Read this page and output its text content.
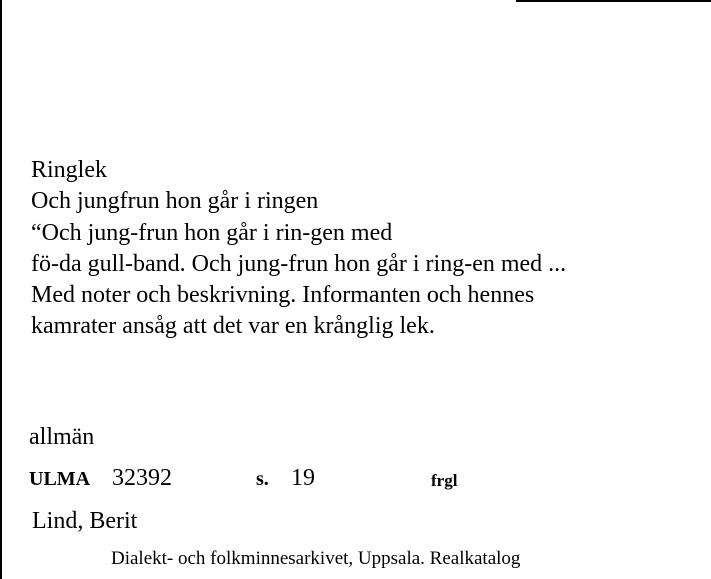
Ringlek
Och jungfrun hon går i ringen
“Och jung-frun hon går i rin-gen med
fö-da gull-band. Och jung-frun hon går i ring-en med ...
Med noter och beskrivning. Informanten och hennes
kamrater ansåg att det var en krånglig lek.
allmän
ULMA 32392	s. 19	frgl
Lind, Berit
Dialekt- och folkminnesarkivet, Uppsala. Realkatalog
